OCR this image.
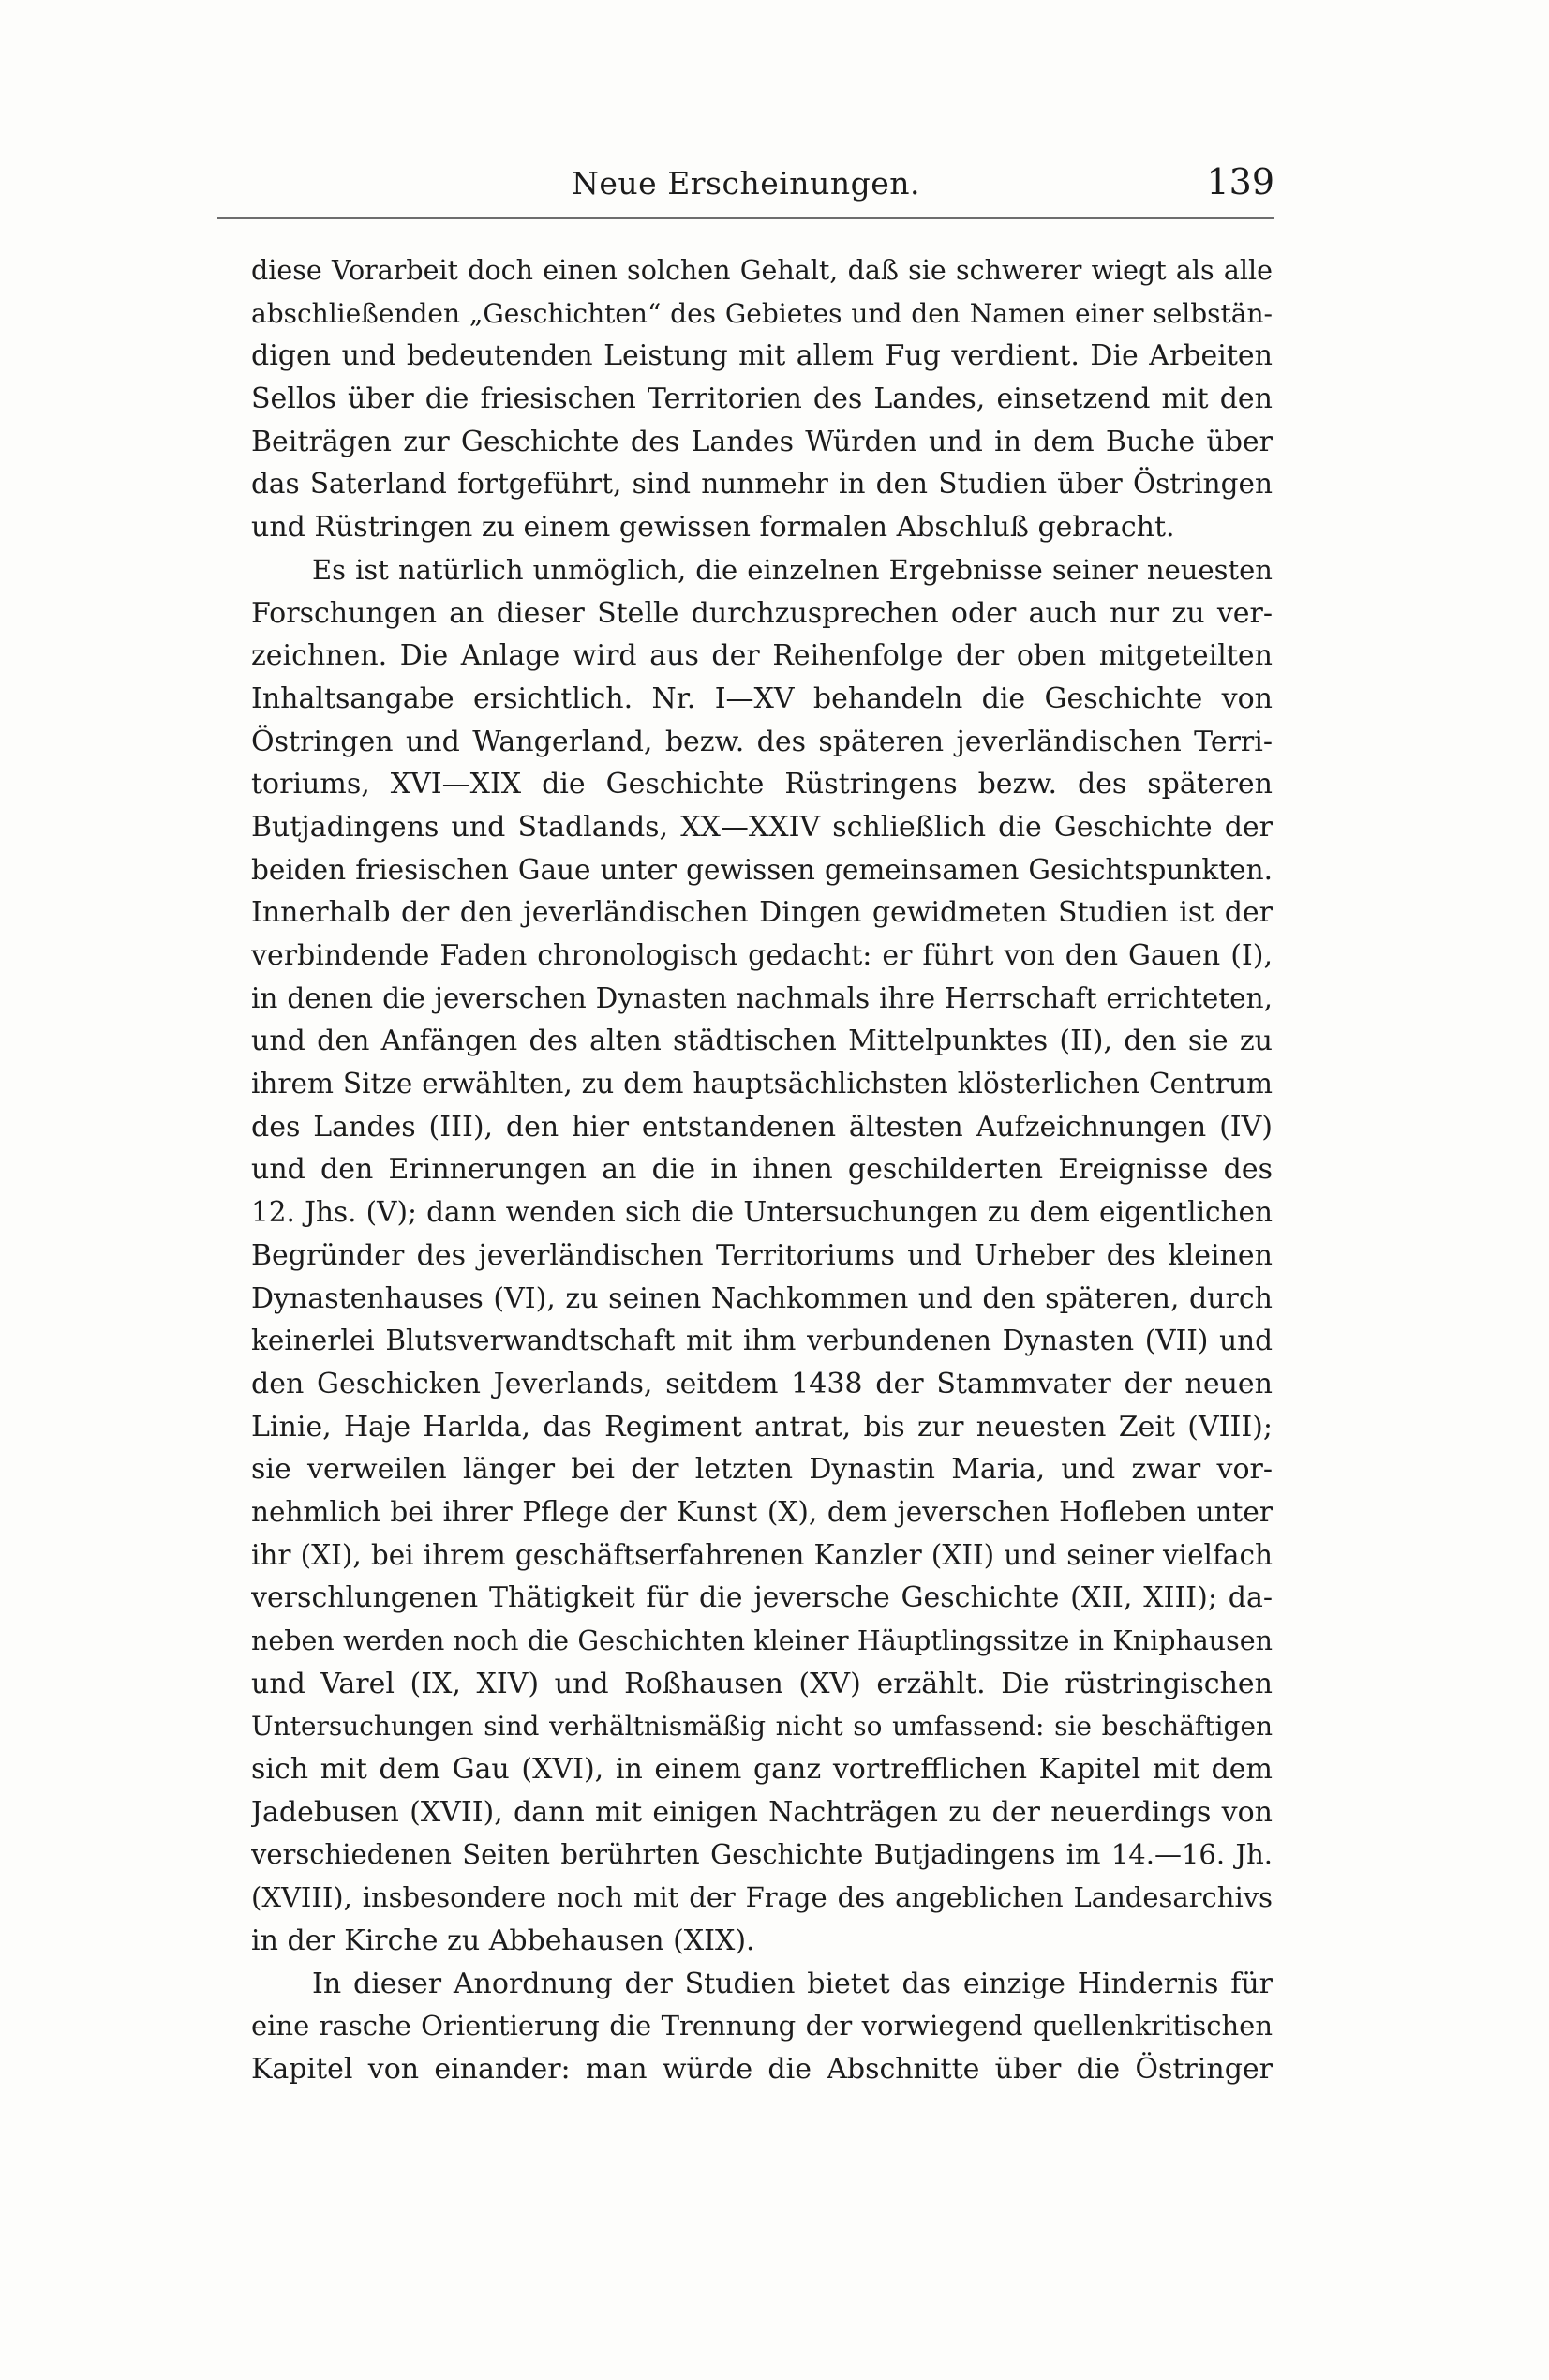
Neue Erscheinungen.	139
diese Vorarbeit doch einen solchen Gehalt, daß sie schwerer wiegt als alle
abschließenden „Geschichten“ des Gebietes und den Namen einer selbstän-
digen und bedeutenden Leistung mit allem Fug verdient. Die Arbeiten
Sellos über die friesischen Territorien des Landes, einsetzend mit den
Beiträgen zur Geschichte des Landes Würden und in dem Buche über
das Saterland fortgeführt, sind nunmehr in den Studien über Östringen
und Rüstringen zu einem gewissen formalen Abschluß gebracht.
Es ist natürlich unmöglich, die einzelnen Ergebnisse seiner neuesten
Forschungen an dieser Stelle durchzusprechen oder auch nur zu ver-
zeichnen. Die Anlage wird aus der Reihenfolge der oben mitgeteilten
Inhaltsangabe ersichtlich. Nr. I—XV behandeln die Geschichte von
Östringen und Wangerland, bezw. des späteren jeverländischen Terri-
toriums, XVI—XIX die Geschichte Rüstringens bezw. des späteren
Butjadingens und Stadlands, XX—XXIV schließlich die Geschichte der
beiden friesischen Gaue unter gewissen gemeinsamen Gesichtspunkten.
Innerhalb der den jeverländischen Dingen gewidmeten Studien ist der
verbindende Faden chronologisch gedacht: er führt von den Gauen (I),
in denen die jeverschen Dynasten nachmals ihre Herrschaft errichteten,
und den Anfängen des alten städtischen Mittelpunktes (II), den sie zu
ihrem Sitze erwählten, zu dem hauptsächlichsten klösterlichen Centrum
des Landes (III), den hier entstandenen ältesten Aufzeichnungen (IV)
und den Erinnerungen an die in ihnen geschilderten Ereignisse des
12. Jhs. (V); dann wenden sich die Untersuchungen zu dem eigentlichen
Begründer des jeverländischen Territoriums und Urheber des kleinen
Dynastenhauses (VI), zu seinen Nachkommen und den späteren, durch
keinerlei Blutsverwandtschaft mit ihm verbundenen Dynasten (VII) und
den Geschicken Jeverlands, seitdem 1438 der Stammvater der neuen
Linie, Haje Harlda, das Regiment antrat, bis zur neuesten Zeit (VIII);
sie verweilen länger bei der letzten Dynastin Maria, und zwar vor-
nehmlich bei ihrer Pflege der Kunst (X), dem jeverschen Hofleben unter
ihr (XI), bei ihrem geschäftserfahrenen Kanzler (XII) und seiner vielfach
verschlungenen Thätigkeit für die jeversche Geschichte (XII, XIII); da-
neben werden noch die Geschichten kleiner Häuptlingssitze in Kniphausen
und Varel (IX, XIV) und Roßhausen (XV) erzählt. Die rüstringischen
Untersuchungen sind verhältnismäßig nicht so umfassend: sie beschäftigen
sich mit dem Gau (XVI), in einem ganz vortrefflichen Kapitel mit dem
Jadebusen (XVII), dann mit einigen Nachträgen zu der neuerdings von
verschiedenen Seiten berührten Geschichte Butjadingens im 14.—16. Jh.
(XVIII), insbesondere noch mit der Frage des angeblichen Landesarchivs
in der Kirche zu Abbehausen (XIX).
In dieser Anordnung der Studien bietet das einzige Hindernis für
eine rasche Orientierung die Trennung der vorwiegend quellenkritischen
Kapitel von einander: man würde die Abschnitte über die Östringer
